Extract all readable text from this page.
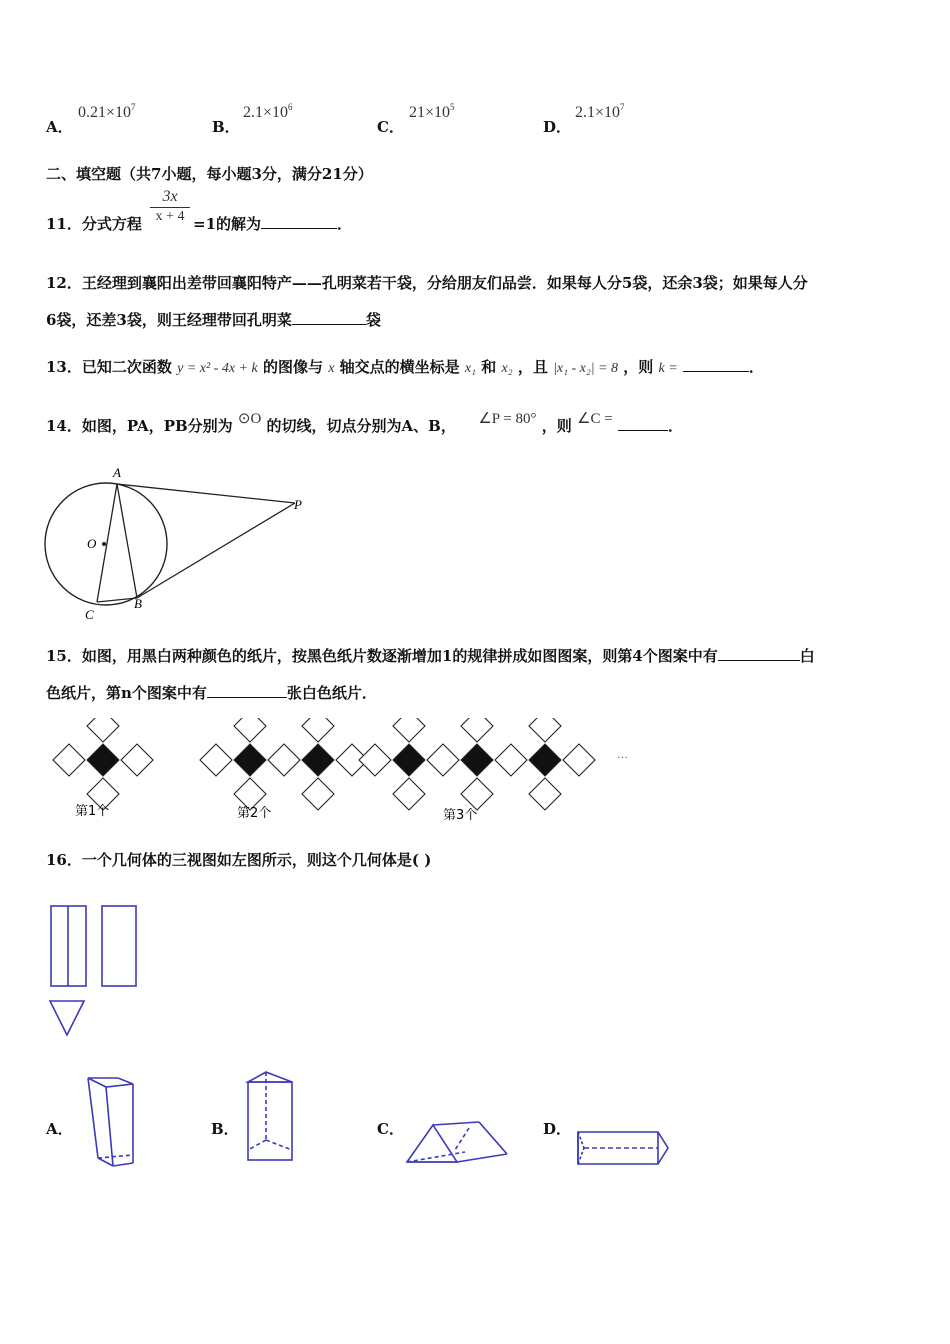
A．
$0.21\times 10^7$
B．
$2.1\times 10^6$
C．
$21\times 10^5$
D．
$2.1\times 10^7$
二、填空题（共7小题，每小题3分，满分21分）
11．分式方程
3x
x + 4 =1的解为	．
12．王经理到襄阳出差带回襄阳特产——孔明菜若干袋，分给朋友们品尝．如果每人分5袋，还余3袋；如果每人分
6袋，还差3袋，则王经理带回孔明菜	袋
13．已知二次函数 y = x² - 4x + k 的图像与 x 轴交点的横坐标是 x₁ 和 x₂ ，且 |x₁ - x₂| = 8 ，则 k =	．
14．如图，PA，PB分别为 ⊙O 的切线，切点分别为A、B， ∠P = 80° ，则 ∠C =	．
A
P
O
C
B
15．如图，用黑白两种颜色的纸片，按黑色纸片数逐渐增加1的规律拼成如图图案，则第4个图案中有	白
色纸片，第n个图案中有	张白色纸片．
第1个	第2个	第3个
…
16．一个几何体的三视图如左图所示，则这个几何体是( )
A．	B．	C．	D．
